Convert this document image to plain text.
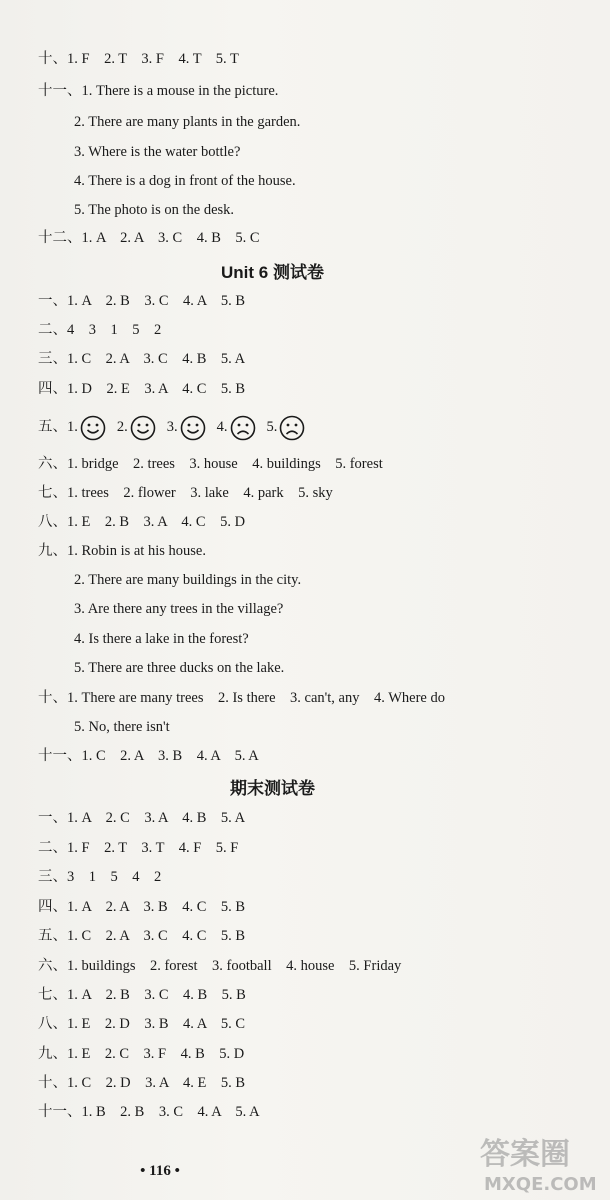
十、1. F　2. T　3. F　4. T　5. T
十一、1. There is a mouse in the picture.
2. There are many plants in the garden.
3. Where is the water bottle?
4. There is a dog in front of the house.
5. The photo is on the desk.
十二、1. A　2. A　3. C　4. B　5. C
Unit 6 测试卷
一、1. A　2. B　3. C　4. A　5. B
二、4　3　1　5　2
三、1. C　2. A　3. C　4. B　5. A
四、1. D　2. E　3. A　4. C　5. B
五、1.	2.	3.	4.	5.
六、1. bridge　2. trees　3. house　4. buildings　5. forest
七、1. trees　2. flower　3. lake　4. park　5. sky
八、1. E　2. B　3. A　4. C　5. D
九、1. Robin is at his house.
2. There are many buildings in the city.
3. Are there any trees in the village?
4. Is there a lake in the forest?
5. There are three ducks on the lake.
十、1. There are many trees　2. Is there　3. can't, any　4. Where do
5. No, there isn't
十一、1. C　2. A　3. B　4. A　5. A
期末测试卷
一、1. A　2. C　3. A　4. B　5. A
二、1. F　2. T　3. T　4. F　5. F
三、3　1　5　4　2
四、1. A　2. A　3. B　4. C　5. B
五、1. C　2. A　3. C　4. C　5. B
六、1. buildings　2. forest　3. football　4. house　5. Friday
七、1. A　2. B　3. C　4. B　5. B
八、1. E　2. D　3. B　4. A　5. C
九、1. E　2. C　3. F　4. B　5. D
十、1. C　2. D　3. A　4. E　5. B
十一、1. B　2. B　3. C　4. A　5. A
• 116 •	答案圈
MXQE.COM
